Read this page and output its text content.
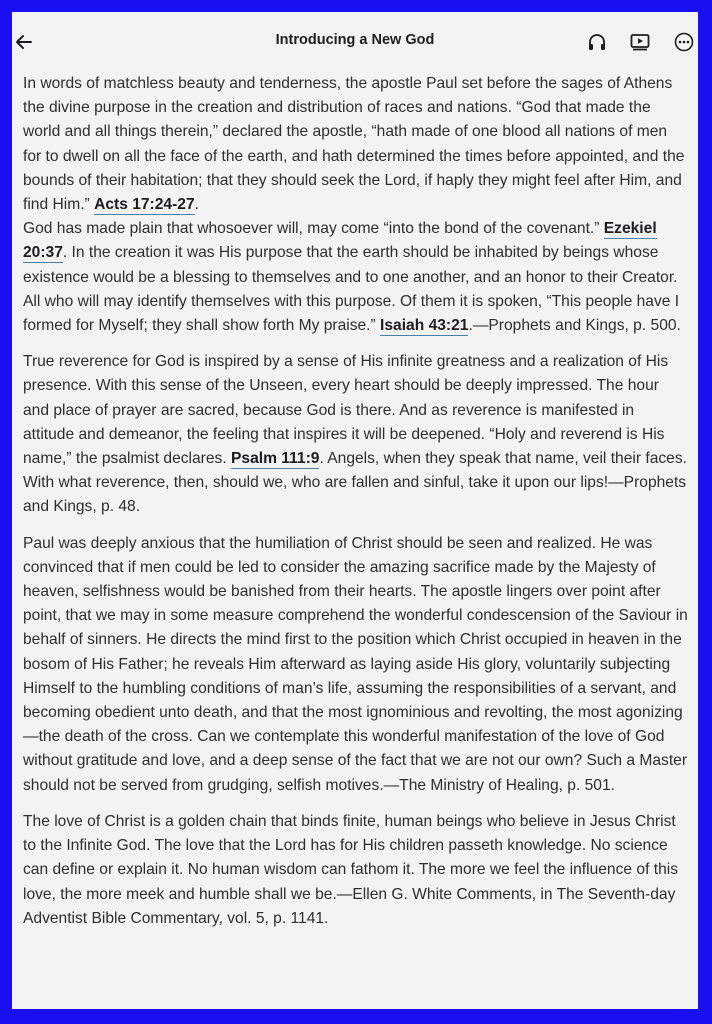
Introducing a New God

In words of matchless beauty and tenderness, the apostle Paul set before the sages of Athens the divine purpose in the creation and distribution of races and nations. “God that made the world and all things therein,” declared the apostle, “hath made of one blood all nations of men for to dwell on all the face of the earth, and hath determined the times before appointed, and the bounds of their habitation; that they should seek the Lord, if haply they might feel after Him, and find Him.” Acts 17:24-27.
God has made plain that whosoever will, may come “into the bond of the covenant.” Ezekiel 20:37. In the creation it was His purpose that the earth should be inhabited by beings whose existence would be a blessing to themselves and to one another, and an honor to their Creator. All who will may identify themselves with this purpose. Of them it is spoken, “This people have I formed for Myself; they shall show forth My praise.” Isaiah 43:21.—Prophets and Kings, p. 500.

True reverence for God is inspired by a sense of His infinite greatness and a realization of His presence. With this sense of the Unseen, every heart should be deeply impressed. The hour and place of prayer are sacred, because God is there. And as reverence is manifested in attitude and demeanor, the feeling that inspires it will be deepened. “Holy and reverend is His name,” the psalmist declares. Psalm 111:9. Angels, when they speak that name, veil their faces. With what reverence, then, should we, who are fallen and sinful, take it upon our lips!—Prophets and Kings, p. 48.

Paul was deeply anxious that the humiliation of Christ should be seen and realized. He was convinced that if men could be led to consider the amazing sacrifice made by the Majesty of heaven, selfishness would be banished from their hearts. The apostle lingers over point after point, that we may in some measure comprehend the wonderful condescension of the Saviour in behalf of sinners. He directs the mind first to the position which Christ occupied in heaven in the bosom of His Father; he reveals Him afterward as laying aside His glory, voluntarily subjecting Himself to the humbling conditions of man’s life, assuming the responsibilities of a servant, and becoming obedient unto death, and that the most ignominious and revolting, the most agonizing—the death of the cross. Can we contemplate this wonderful manifestation of the love of God without gratitude and love, and a deep sense of the fact that we are not our own? Such a Master should not be served from grudging, selfish motives.—The Ministry of Healing, p. 501.

The love of Christ is a golden chain that binds finite, human beings who believe in Jesus Christ to the Infinite God. The love that the Lord has for His children passeth knowledge. No science can define or explain it. No human wisdom can fathom it. The more we feel the influence of this love, the more meek and humble shall we be.—Ellen G. White Comments, in The Seventh-day Adventist Bible Commentary, vol. 5, p. 1141.
